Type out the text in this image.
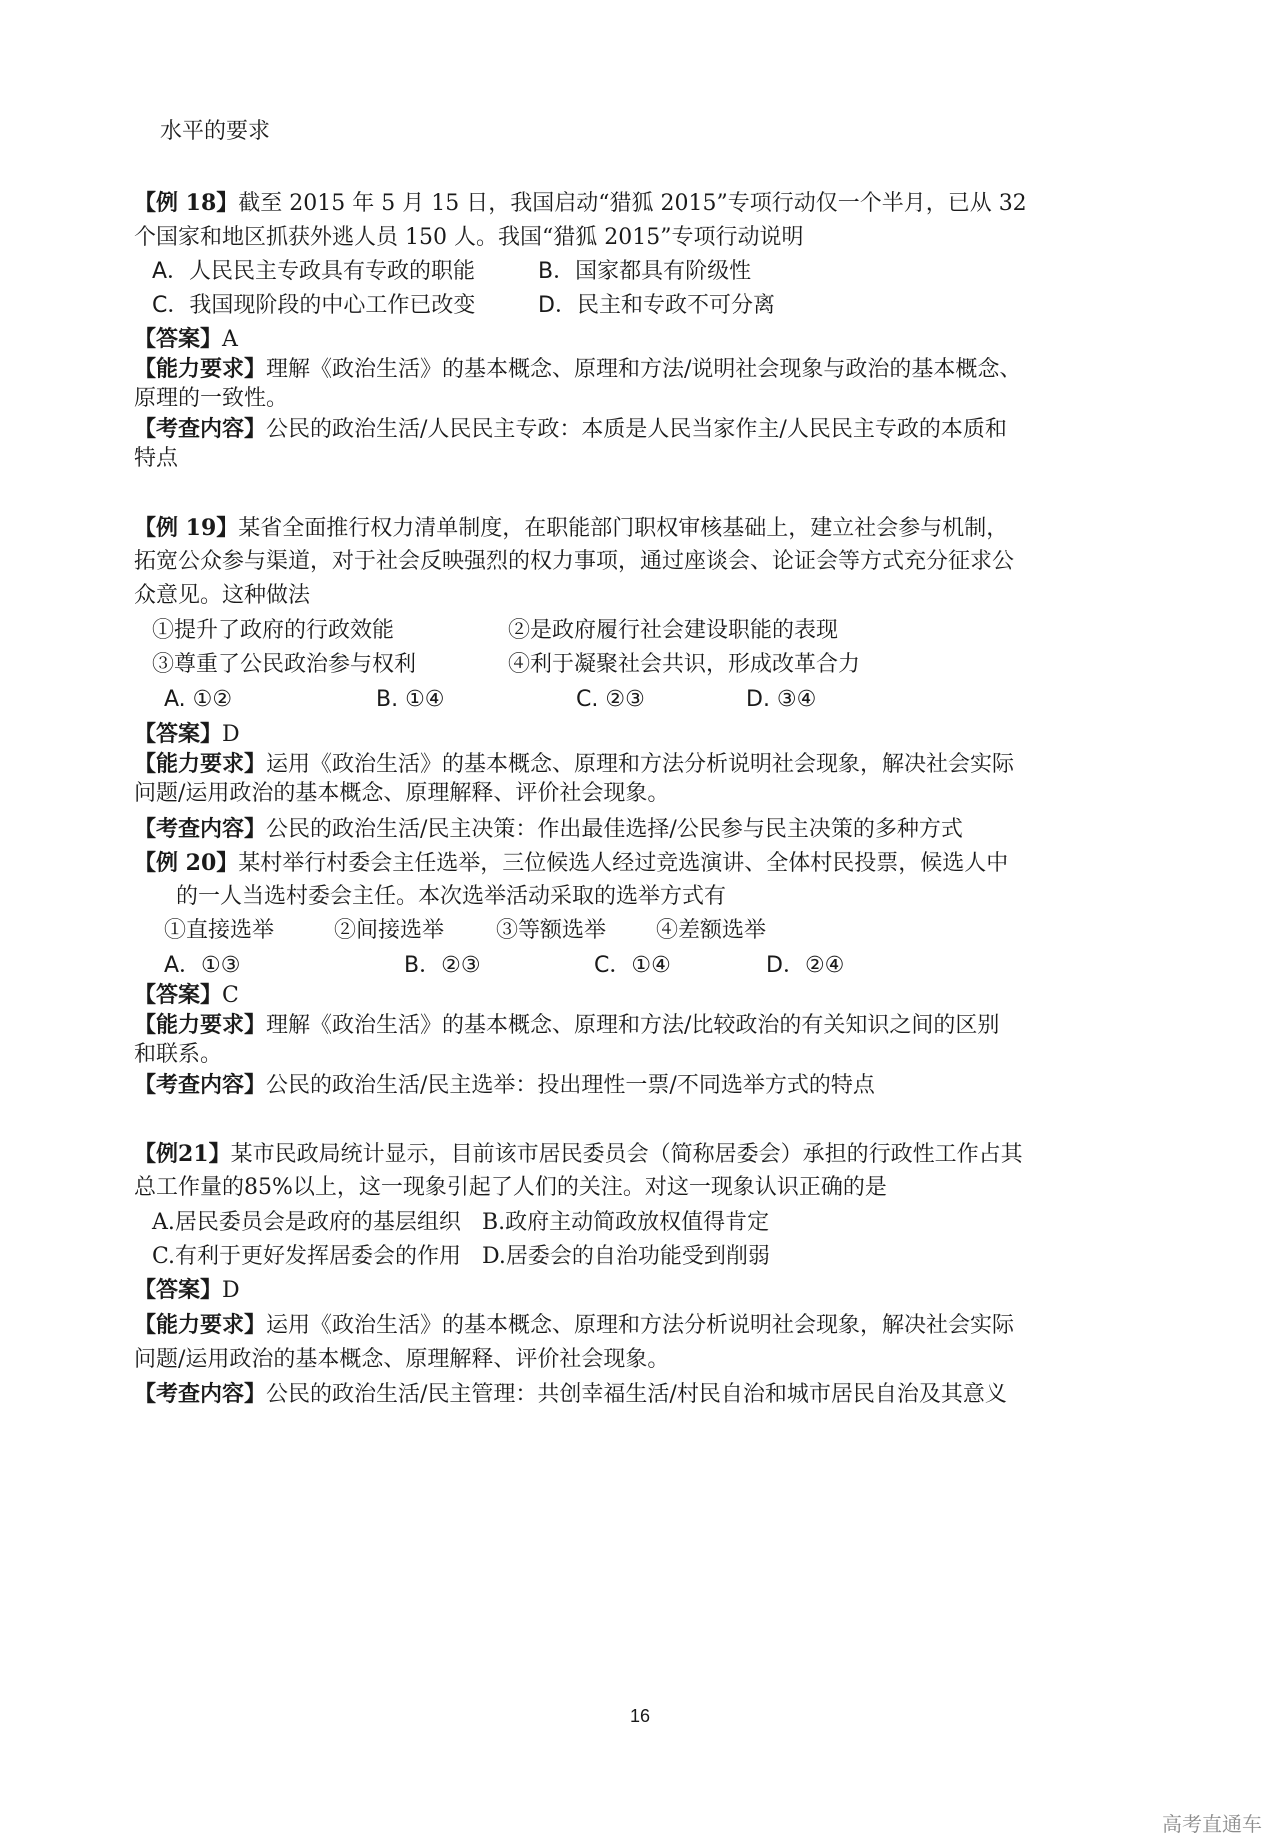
水平的要求
【例 18】截至 2015 年 5 月 15 日，我国启动“猎狐 2015”专项行动仅一个半月，已从 32
个国家和地区抓获外逃人员 150 人。我国“猎狐 2015”专项行动说明
A．人民民主专政具有专政的职能	B．国家都具有阶级性
C．我国现阶段的中心工作已改变	D．民主和专政不可分离
【答案】A
【能力要求】理解《政治生活》的基本概念、原理和方法/说明社会现象与政治的基本概念、
原理的一致性。
【考查内容】公民的政治生活/人民民主专政：本质是人民当家作主/人民民主专政的本质和
特点
【例 19】某省全面推行权力清单制度，在职能部门职权审核基础上，建立社会参与机制，
拓宽公众参与渠道，对于社会反映强烈的权力事项，通过座谈会、论证会等方式充分征求公
众意见。这种做法
①提升了政府的行政效能	②是政府履行社会建设职能的表现
③尊重了公民政治参与权利	④利于凝聚社会共识，形成改革合力
A. ①②	B. ①④	C. ②③	D. ③④
【答案】D
【能力要求】运用《政治生活》的基本概念、原理和方法分析说明社会现象，解决社会实际
问题/运用政治的基本概念、原理解释、评价社会现象。
【考查内容】公民的政治生活/民主决策：作出最佳选择/公民参与民主决策的多种方式
【例 20】某村举行村委会主任选举，三位候选人经过竞选演讲、全体村民投票，候选人中
的一人当选村委会主任。本次选举活动采取的选举方式有
①直接选举	②间接选举 ③等额选举 ④差额选举
A．①③	B．②③	C．①④	D．②④
【答案】C
【能力要求】理解《政治生活》的基本概念、原理和方法/比较政治的有关知识之间的区别
和联系。
【考查内容】公民的政治生活/民主选举：投出理性一票/不同选举方式的特点
【例21】某市民政局统计显示，目前该市居民委员会（简称居委会）承担的行政性工作占其
总工作量的85%以上，这一现象引起了人们的关注。对这一现象认识正确的是
A.居民委员会是政府的基层组织 B.政府主动简政放权值得肯定
C.有利于更好发挥居委会的作用 D.居委会的自治功能受到削弱
【答案】D
【能力要求】运用《政治生活》的基本概念、原理和方法分析说明社会现象，解决社会实际
问题/运用政治的基本概念、原理解释、评价社会现象。
【考查内容】公民的政治生活/民主管理：共创幸福生活/村民自治和城市居民自治及其意义
16
高考直通车
